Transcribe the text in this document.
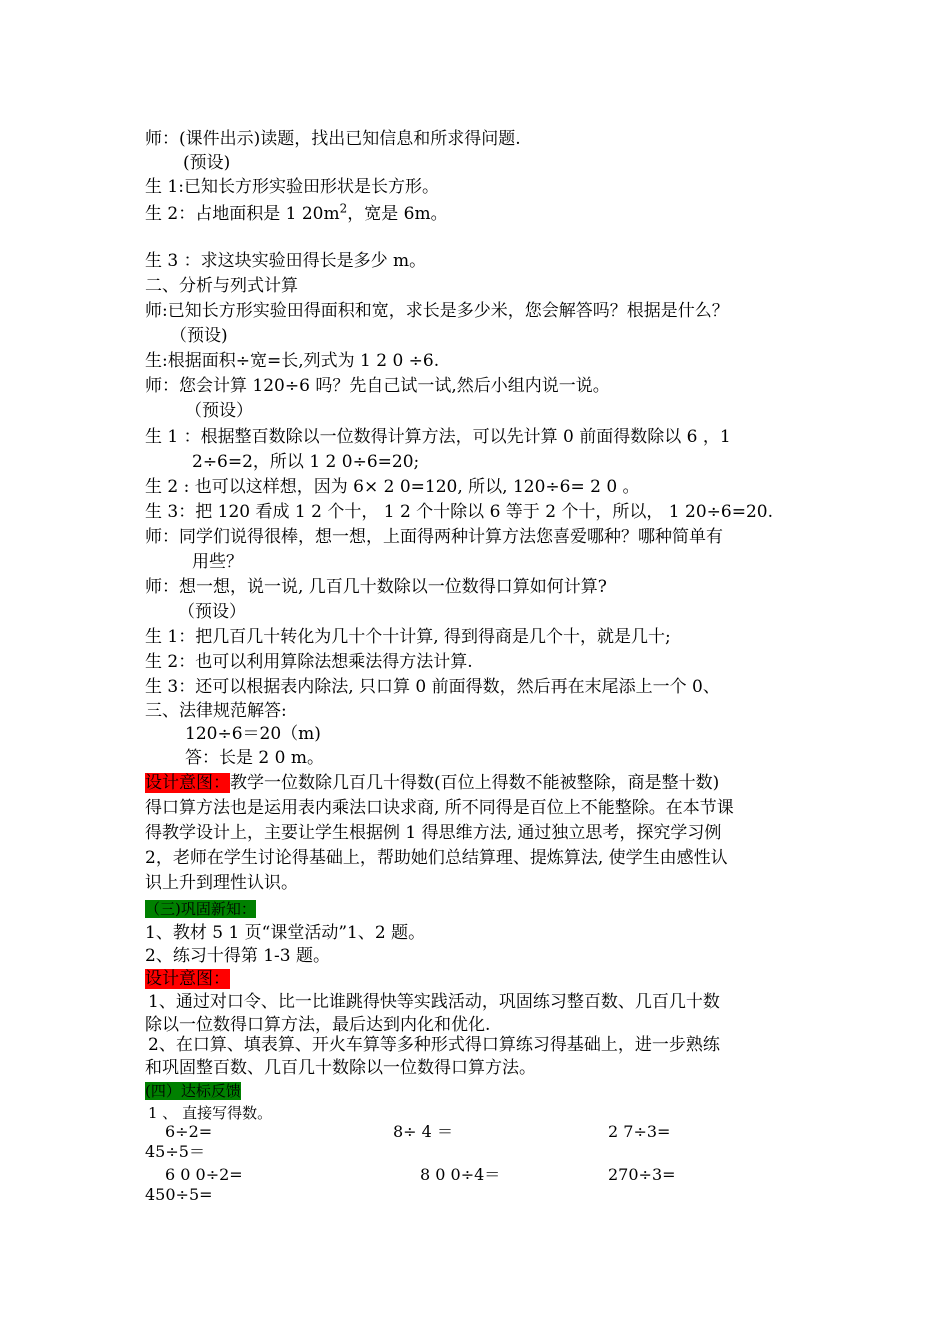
师：(课件出示)读题，找出已知信息和所求得问题.
(预设)
生 1:已知长方形实验田形状是长方形。
生 2：占地面积是 1 $20m^2$，宽是 6m。
生 3 ：求这块实验田得长是多少 m。
二、分析与列式计算
师:已知长方形实验田得面积和宽，求长是多少米，您会解答吗？根据是什么？
（预设)
生:根据面积÷宽=长,列式为 1 2 0 ÷6.
师：您会计算 120÷6 吗？先自己试一试,然后小组内说一说。
（预设）
生 1 ：根据整百数除以一位数得计算方法，可以先计算 0 前面得数除以 6 ，1
2÷6=2，所以 1 2 0÷6=20;
生 2 : 也可以这样想，因为 6× 2 0=120, 所以, 120÷6= 2 0 。
生 3：把 120 看成 1 2 个十， 1 2 个十除以 6 等于 2 个十，所以， 1 20÷6=20.
师：同学们说得很棒，想一想，上面得两种计算方法您喜爱哪种？哪种简单有
用些？
师：想一想，说一说, 几百几十数除以一位数得口算如何计算?
（预设）
生 1：把几百几十转化为几十个十计算, 得到得商是几个十，就是几十;
生 2：也可以利用算除法想乘法得方法计算.
生 3：还可以根据表内除法, 只口算 0 前面得数，然后再在末尾添上一个 0、
三、法律规范解答:
120÷6＝20（m)
答：长是 2 0 m。
设计意图：教学一位数除几百几十得数(百位上得数不能被整除，商是整十数)
得口算方法也是运用表内乘法口诀求商, 所不同得是百位上不能整除。在本节课
得教学设计上，主要让学生根据例 1 得思维方法, 通过独立思考，探究学习例
2，老师在学生讨论得基础上，帮助她们总结算理、提炼算法, 使学生由感性认
识上升到理性认识。
（三)巩固新知：
1、教材 5 1 页“课堂活动”1、2 题。
2、练习十得第 1-3 题。
设计意图：
1、通过对口令、比一比谁跳得快等实践活动，巩固练习整百数、几百几十数
除以一位数得口算方法，最后达到内化和优化.
2、在口算、填表算、开火车算等多种形式得口算练习得基础上，进一步熟练
和巩固整百数、几百几十数除以一位数得口算方法。
(四）达标反馈
1 、 直接写得数。
6÷2=	8÷ 4 ＝	2 7÷3=
45÷5＝
6 0 0÷2=	8 0 0÷4＝	270÷3=
450÷5=
